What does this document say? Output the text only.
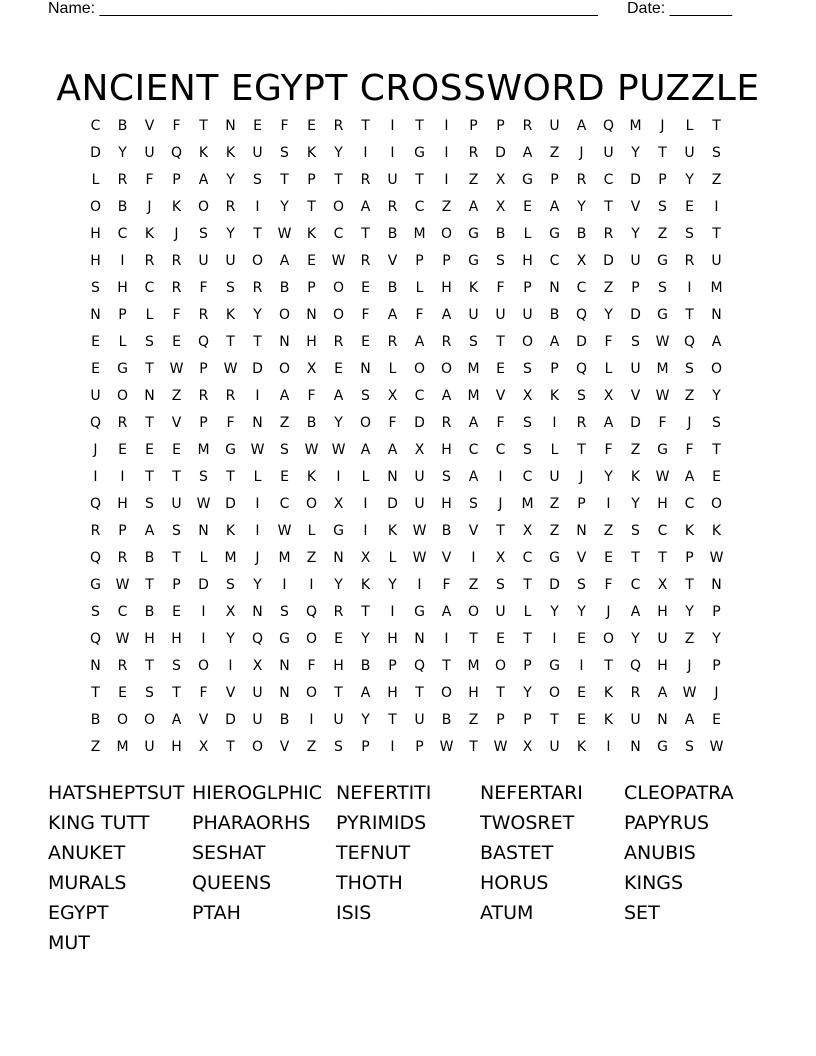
Name: ________________________________________________________ Date: _______
ANCIENT EGYPT CROSSWORD PUZZLE
C	B	V	F	T	N	E	F	E	R	T	I	T	I	P	P	R	U	A	Q	M	J	L	T
D	Y	U	Q	K	K	U	S	K	Y	I	I	G	I	R	D	A	Z	J	U	Y	T	U	S
L	R	F	P	A	Y	S	T	P	T	R	U	T	I	Z	X	G	P	R	C	D	P	Y	Z
O	B	J	K	O	R	I	Y	T	O	A	R	C	Z	A	X	E	A	Y	T	V	S	E	I
H	C	K	J	S	Y	T	W	K	C	T	B	M	O	G	B	L	G	B	R	Y	Z	S	T
H	I	R	R	U	U	O	A	E	W	R	V	P	P	G	S	H	C	X	D	U	G	R	U
S	H	C	R	F	S	R	B	P	O	E	B	L	H	K	F	P	N	C	Z	P	S	I	M
N	P	L	F	R	K	Y	O	N	O	F	A	F	A	U	U	U	B	Q	Y	D	G	T	N
E	L	S	E	Q	T	T	N	H	R	E	R	A	R	S	T	O	A	D	F	S	W	Q	A
E	G	T	W	P	W	D	O	X	E	N	L	O	O	M	E	S	P	Q	L	U	M	S	O
U	O	N	Z	R	R	I	A	F	A	S	X	C	A	M	V	X	K	S	X	V	W	Z	Y
Q	R	T	V	P	F	N	Z	B	Y	O	F	D	R	A	F	S	I	R	A	D	F	J	S
J	E	E	E	M	G	W	S	W W	A	A	X	H	C	C	S	L	T	F	Z	G	F	T
I	I	T	T	S	T	L	E	K	I	L	N	U	S	A	I	C	U	J	Y	K	W	A	E
Q	H	S	U	W	D	I	C	O	X	I	D	U	H	S	J	M	Z	P	I	Y	H	C	O
R	P	A	S	N	K	I	W	L	G	I	K	W	B	V	T	X	Z	N	Z	S	C	K	K
Q	R	B	T	L	M	J	M	Z	N	X	L	W	V	I	X	C	G	V	E	T	T	P	W
G	W	T	P	D	S	Y	I	I	Y	K	Y	I	F	Z	S	T	D	S	F	C	X	T	N
S	C	B	E	I	X	N	S	Q	R	T	I	G	A	O	U	L	Y	Y	J	A	H	Y	P
Q	W	H	H	I	Y	Q	G	O	E	Y	H	N	I	T	E	T	I	E	O	Y	U	Z	Y
N	R	T	S	O	I	X	N	F	H	B	P	Q	T	M	O	P	G	I	T	Q	H	J	P
T	E	S	T	F	V	U	N	O	T	A	H	T	O	H	T	Y	O	E	K	R	A	W	J
B	O	O	A	V	D	U	B	I	U	Y	T	U	B	Z	P	P	T	E	K	U	N	A	E
Z	M	U	H	X	T	O	V	Z	S	P	I	P	W	T	W	X	U	K	I	N	G	S	W
HATSHEPTSUT HIEROGLPHIC NEFERTITI	NEFERTARI	CLEOPATRA
KING TUTT	PHARAORHS	PYRIMIDS	TWOSRET	PAPYRUS
ANUKET	SESHAT	TEFNUT	BASTET	ANUBIS
MURALS	QUEENS	THOTH	HORUS	KINGS
EGYPT	PTAH	ISIS	ATUM	SET
MUT
